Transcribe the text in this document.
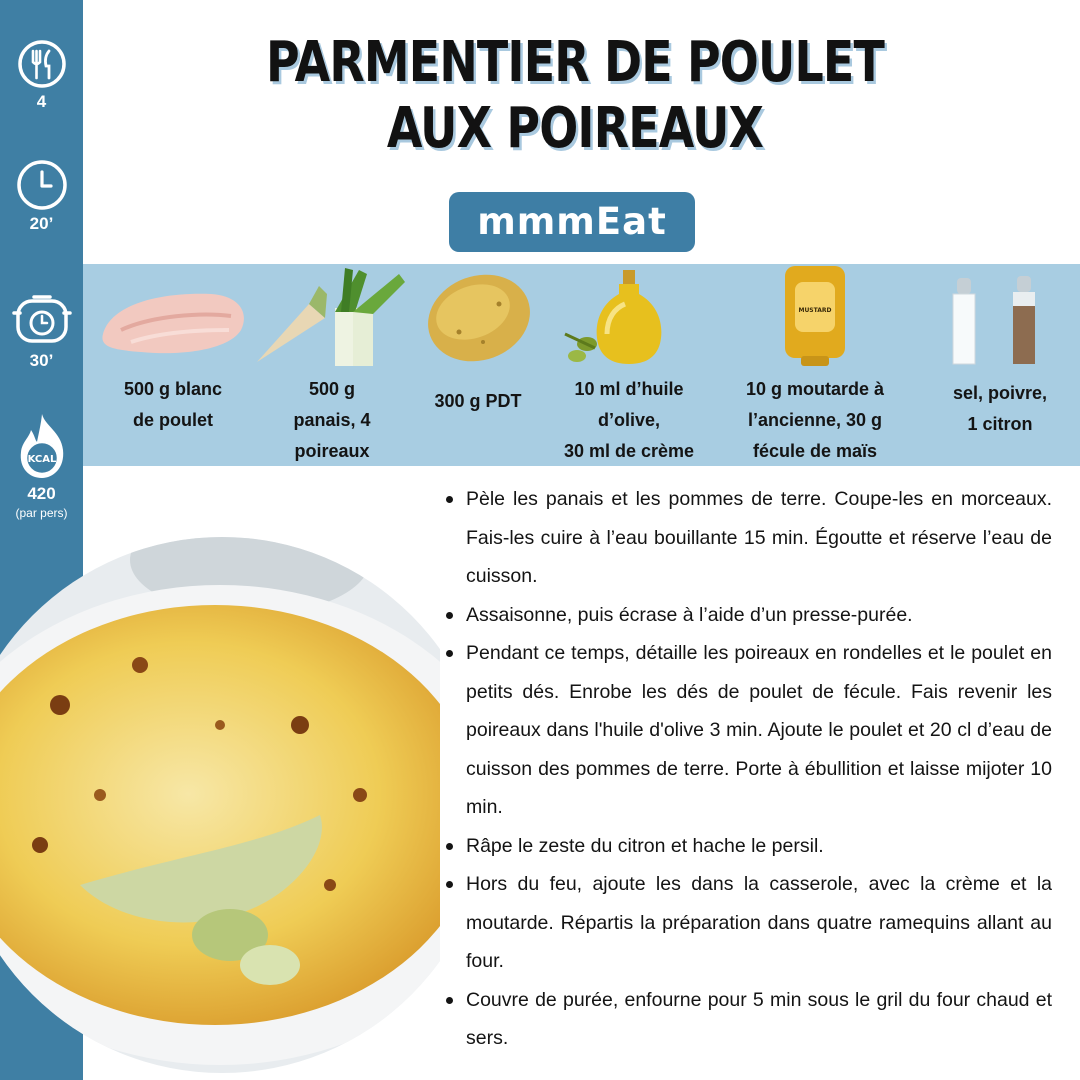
4
20’
30’
KCAL
420
(par pers)
PARMENTIER DE POULET AUX POIREAUX
mmmEat
500 g blanc
de poulet
500 g
panais, 4
poireaux
300 g PDT
10 ml d’huile
d’olive,
30 ml de crème
MUSTARD
10 g moutarde à
l’ancienne, 30 g
fécule de maïs
sel, poivre,
1 citron
Pèle les panais et les pommes de terre. Coupe-les en morceaux. Fais-les cuire à l’eau bouillante 15 min. Égoutte et réserve l’eau de cuisson.
Assaisonne, puis écrase à l’aide d’un presse-purée.
Pendant ce temps, détaille les poireaux en rondelles et le poulet en petits dés. Enrobe les dés de poulet de fécule. Fais revenir les poireaux dans l'huile d'olive 3 min. Ajoute le poulet et 20 cl d’eau de cuisson des pommes de terre. Porte à ébullition et laisse mijoter 10 min.
Râpe le zeste du citron et hache le persil.
Hors du feu, ajoute les dans la casserole, avec la crème et la moutarde. Répartis la préparation dans quatre ramequins allant au four.
Couvre de purée, enfourne pour 5 min sous le gril du four chaud et sers.
